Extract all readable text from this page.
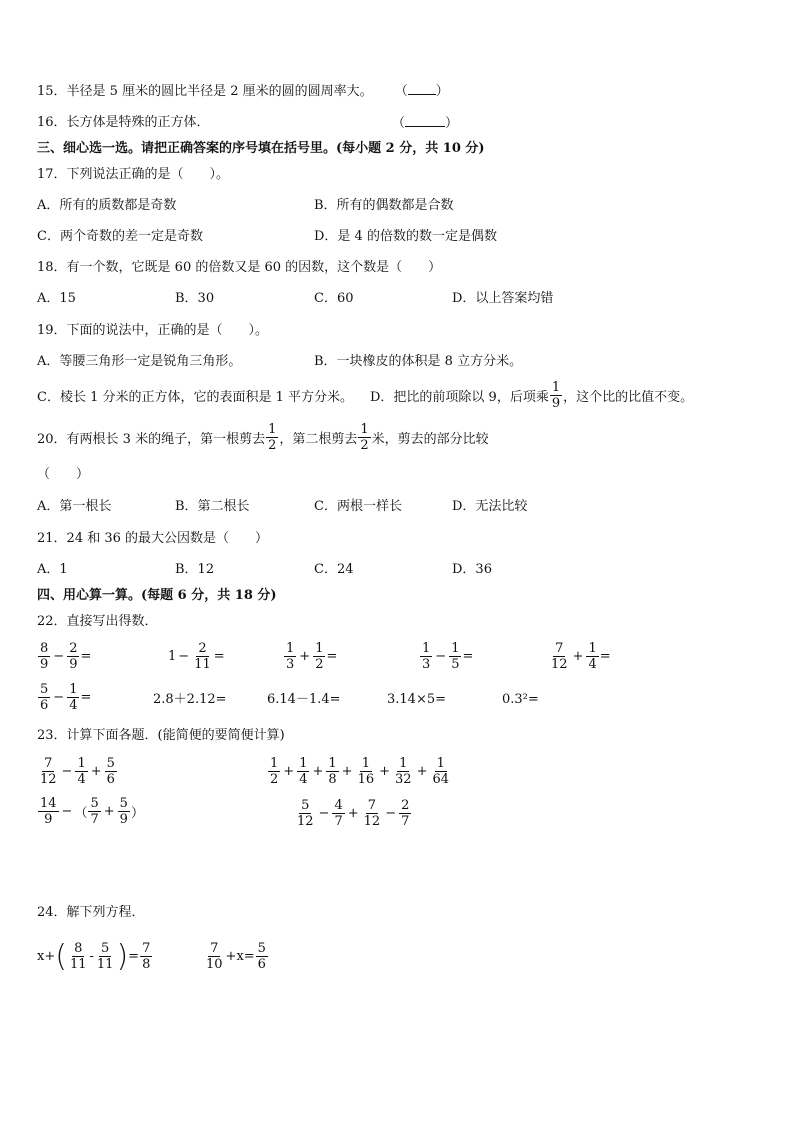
15．半径是 5 厘米的圆比半径是 2 厘米的圆的圆周率大。 （ ）
16．长方体是特殊的正方体．	（	）
三、细心选一选。请把正确答案的序号填在括号里。(每小题 2 分，共 10 分)
17．下列说法正确的是（　　）。
A．所有的质数都是奇数	B．所有的偶数都是合数
C．两个奇数的差一定是奇数	D．是 4 的倍数的数一定是偶数
18．有一个数，它既是 60 的倍数又是 60 的因数，这个数是（　　）
A．15	B．30	C．60	D．以上答案均错
19．下面的说法中，正确的是（　　）。
A．等腰三角形一定是锐角三角形。	B．一块橡皮的体积是 8 立方分米。
C．棱长 1 分米的正方体，它的表面积是 1 平方分米。 D．把比的前项除以 9，后项乘 $\frac{1}{9}$ ，这个比的比值不变。
20．有两根长 3 米的绳子，第一根剪去 $\frac{1}{2}$ ，第二根剪去 $\frac{1}{2}$ 米，剪去的部分比较
（　　）
A．第一根长	B．第二根长	C．两根一样长	D．无法比较
21．24 和 36 的最大公因数是（　　）
A．1	B．12	C．24	D．36
四、用心算一算。(每题 6 分，共 18 分)
22．直接写出得数．
$\frac{8}{9} - \frac{2}{9}$ =	$1 - \frac{2}{11}$ =	$\frac{1}{3} + \frac{1}{2}$ =	$\frac{1}{3} - \frac{1}{5}$ =	$\frac{7}{12} + \frac{1}{4}$ =
$\frac{5}{6} - \frac{1}{4}$ =	2.8＋2.12=	6.14－1.4=	3.14×5=	0.3²=
23．计算下面各题．(能简便的要简便计算)
$\frac{7}{12} - \frac{1}{4} + \frac{5}{6}$	$\frac{1}{2} + \frac{1}{4} + \frac{1}{8} + \frac{1}{16} + \frac{1}{32} + \frac{1}{64}$
$\frac{14}{9}$ − （ $\frac{5}{7} + \frac{5}{9}$ ）	$\frac{5}{12} - \frac{4}{7} + \frac{7}{12} - \frac{2}{7}$
24．解下列方程．
x+ ( $\frac{8}{11} - \frac{5}{11}$ ) = $\frac{7}{8}$	$\frac{7}{10} +x= \frac{5}{6}$
